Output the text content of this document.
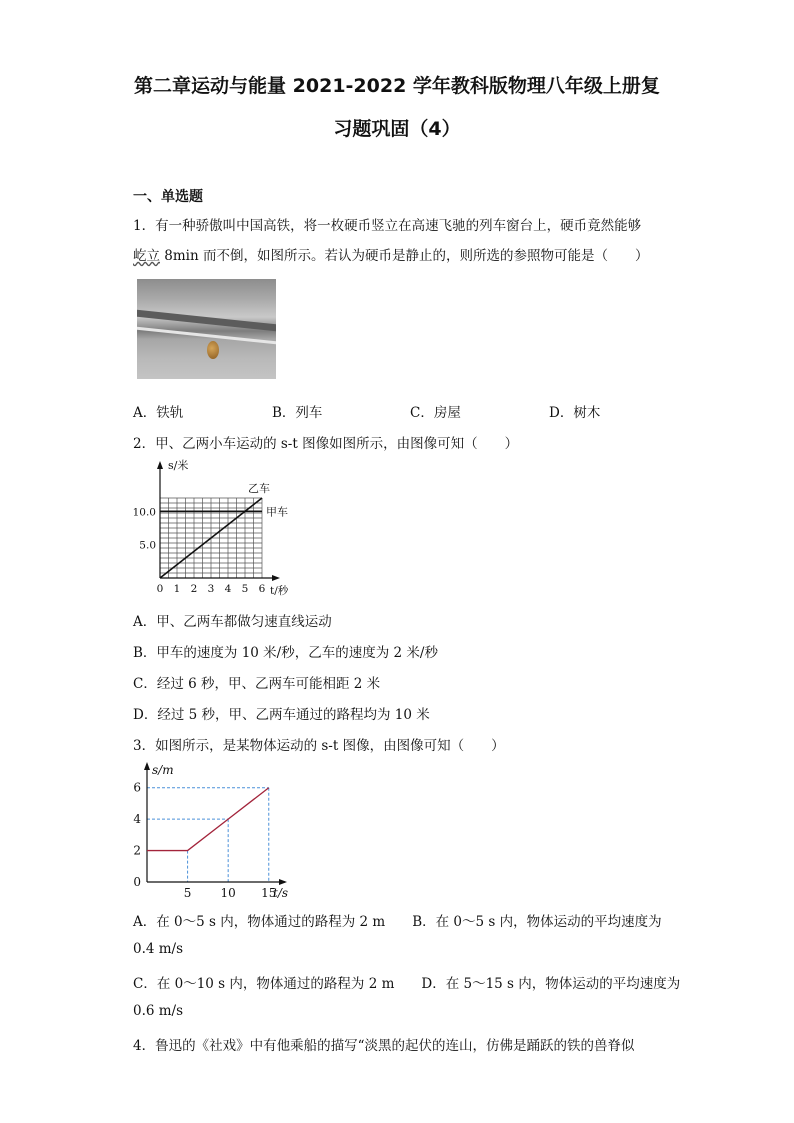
第二章运动与能量 2021-2022 学年教科版物理八年级上册复
习题巩固（4）
一、单选题
1．有一种骄傲叫中国高铁，将一枚硬币竖立在高速飞驰的列车窗台上，硬币竟然能够
屹立 8min 而不倒，如图所示。若认为硬币是静止的，则所选的参照物可能是（　　）
A．铁轨	B．列车	C．房屋	D．树木
2．甲、乙两小车运动的 s-t 图像如图所示，由图像可知（　　）
甲车
乙车
0 1 2 3 4 5 6
5.0
10.0
s/米
t/秒
A．甲、乙两车都做匀速直线运动
B．甲车的速度为 10 米/秒，乙车的速度为 2 米/秒
C．经过 6 秒，甲、乙两车可能相距 2 米
D．经过 5 秒，甲、乙两车通过的路程均为 10 米
3．如图所示，是某物体运动的 s-t 图像，由图像可知（　　）
0
5 10 15
2
4
6
s/m
t/s
A．在 0～5 s 内，物体通过的路程为 2 m　　B．在 0～5 s 内，物体运动的平均速度为
0.4 m/s
C．在 0～10 s 内，物体通过的路程为 2 m　　D．在 5～15 s 内，物体运动的平均速度为
0.6 m/s
4．鲁迅的《社戏》中有他乘船的描写“淡黑的起伏的连山，仿佛是踊跃的铁的兽脊似
